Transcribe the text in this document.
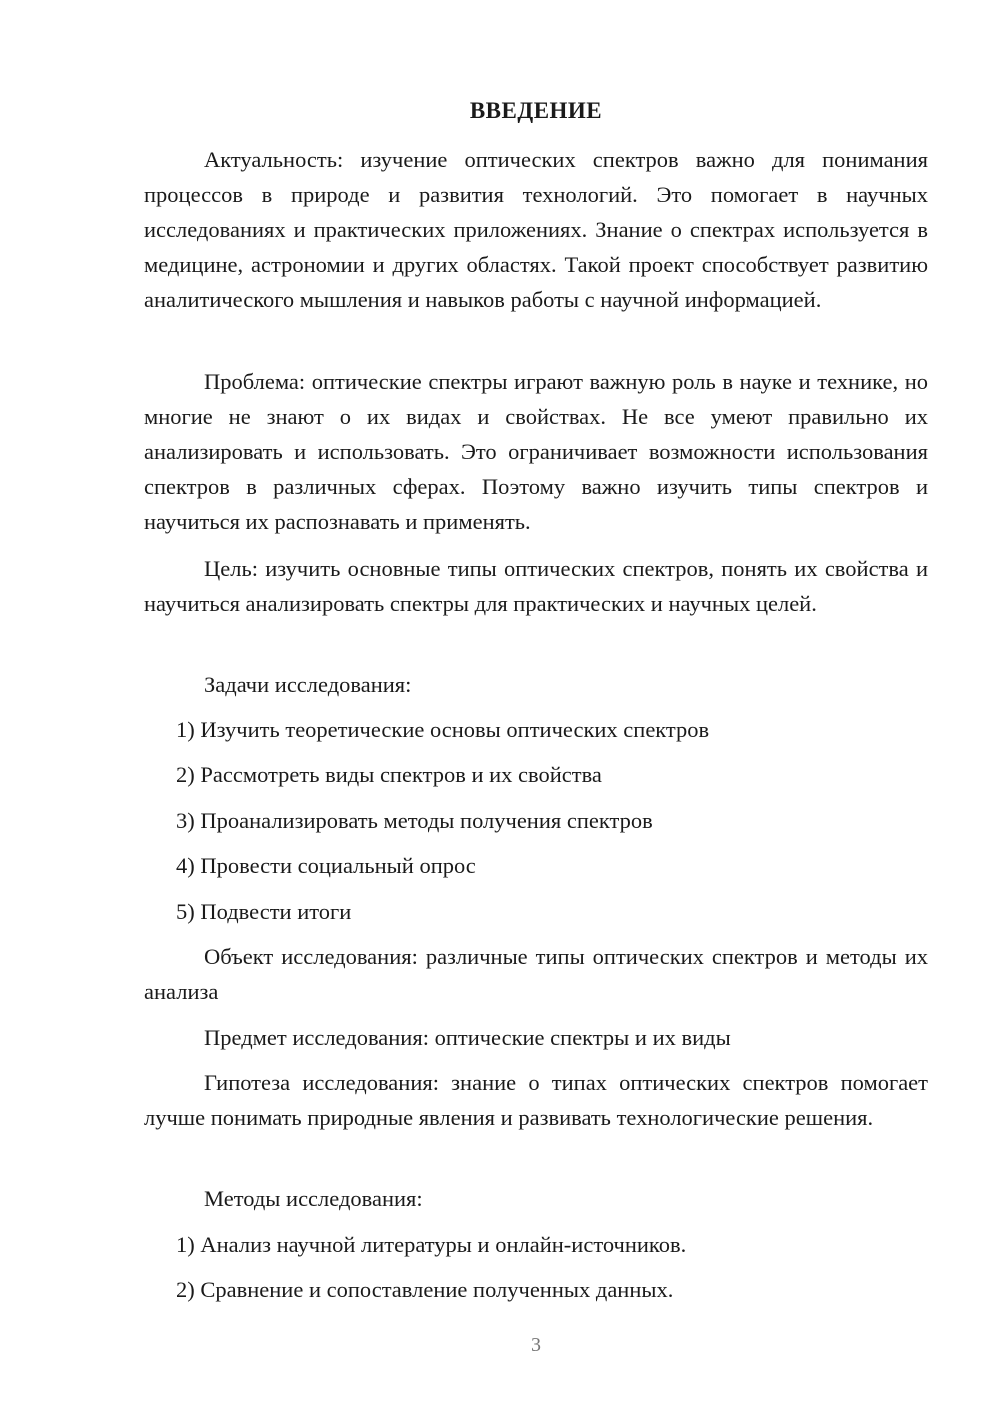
ВВЕДЕНИЕ

Актуальность: изучение оптических спектров важно для понимания процессов в природе и развития технологий. Это помогает в научных исследованиях и практических приложениях. Знание о спектрах используется в медицине, астрономии и других областях. Такой проект способствует развитию аналитического мышления и навыков работы с научной информацией.

Проблема: оптические спектры играют важную роль в науке и технике, но многие не знают о их видах и свойствах. Не все умеют правильно их анализировать и использовать. Это ограничивает возможности использования спектров в различных сферах. Поэтому важно изучить типы спектров и научиться их распознавать и применять.

Цель: изучить основные типы оптических спектров, понять их свойства и научиться анализировать спектры для практических и научных целей.

Задачи исследования:
1) Изучить теоретические основы оптических спектров
2) Рассмотреть виды спектров и их свойства
3) Проанализировать методы получения спектров
4) Провести социальный опрос
5) Подвести итоги

Объект исследования: различные типы оптических спектров и методы их анализа

Предмет исследования: оптические спектры и их виды

Гипотеза исследования: знание о типах оптических спектров помогает лучше понимать природные явления и развивать технологические решения.

Методы исследования:
1) Анализ научной литературы и онлайн-источников.
2) Сравнение и сопоставление полученных данных.
3
